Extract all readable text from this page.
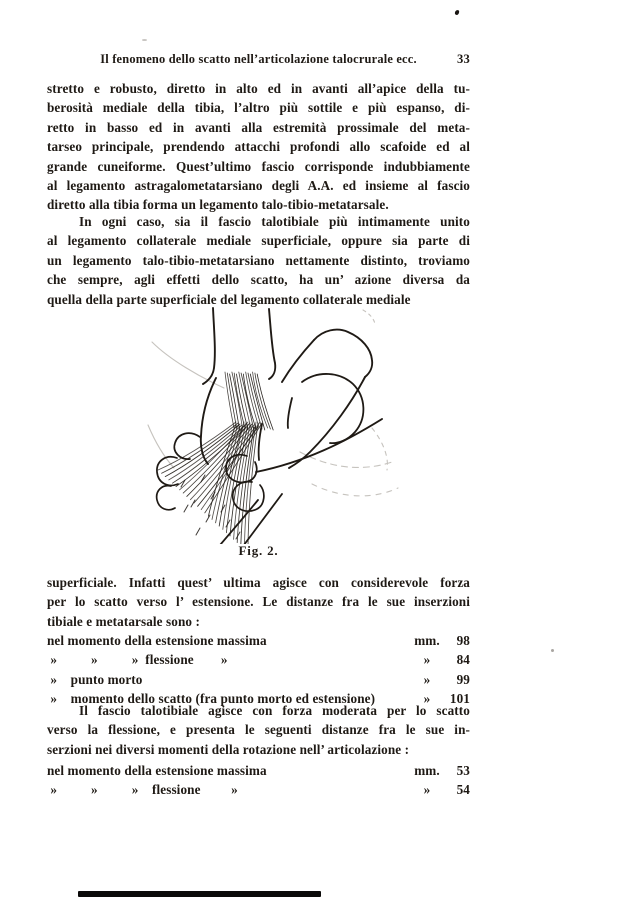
Il fenomeno dello scatto nell’articolazione talocrurale ecc.	33
stretto e robusto, diretto in alto ed in avanti all’apice della tu-
berosità mediale della tibia, l’altro più sottile e più espanso, di-
retto in basso ed in avanti alla estremità prossimale del meta-
tarseo principale, prendendo attacchi profondi allo scafoide ed al
grande cuneiforme. Quest’ultimo fascio corrisponde indubbiamente
al legamento astragalometatarsiano degli A.A. ed insieme al fascio
diretto alla tibia forma un legamento talo-tibio-metatarsale.
In ogni caso, sia il fascio talotibiale più intimamente unito
al legamento collaterale mediale superficiale, oppure sia parte di
un legamento talo-tibio-metatarsiano nettamente distinto, troviamo
che sempre, agli effetti dello scatto, ha un’ azione diversa da
quella della parte superficiale del legamento collaterale mediale
Fig. 2.
superficiale. Infatti quest’ ultima agisce con considerevole forza
per lo scatto verso l’ estensione. Le distanze fra le sue inserzioni
tibiale e metatarsale sono :
nel momento della estensione massima	mm.	98
»          »          »  flessione        »	»	84
»    punto morto	»	99
»    momento dello scatto (fra punto morto ed estensione)	»	101
Il fascio talotibiale agisce con forza moderata per lo scatto
verso la flessione, e presenta le seguenti distanze fra le sue in-
serzioni nei diversi momenti della rotazione nell’ articolazione :
nel momento della estensione massima	mm.	53
»          »          »    flessione         »	»	54
